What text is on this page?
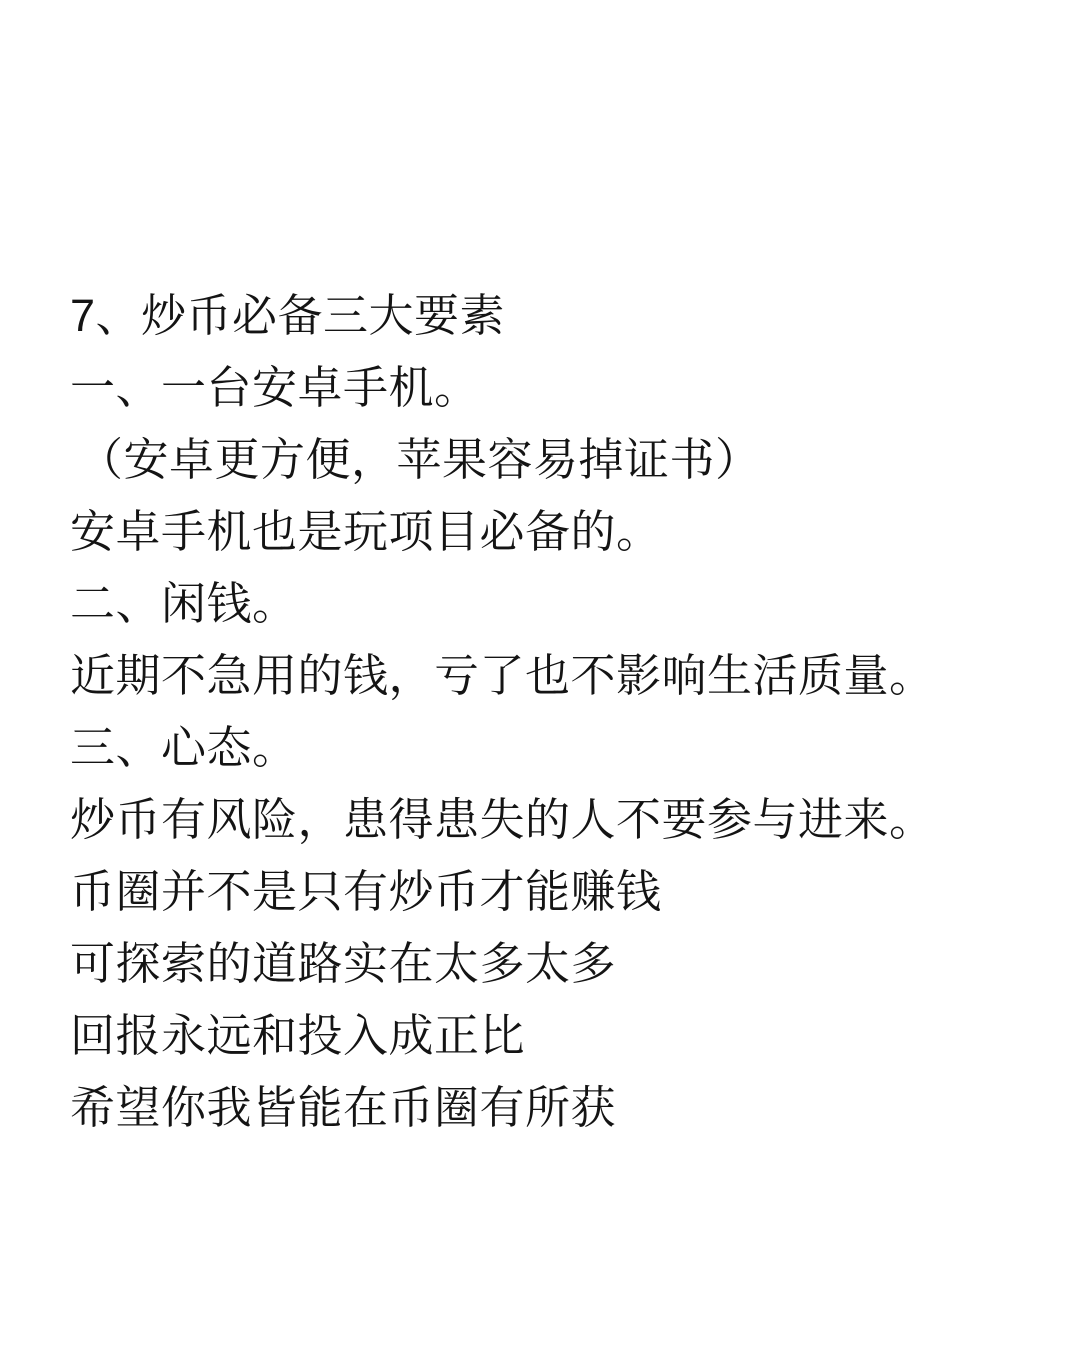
7、炒币必备三大要素
一、一台安卓手机。
（安卓更方便，苹果容易掉证书）
安卓手机也是玩项目必备的。
二、闲钱。
近期不急用的钱，亏了也不影响生活质量。
三、心态。
炒币有风险，患得患失的人不要参与进来。
币圈并不是只有炒币才能赚钱
可探索的道路实在太多太多
回报永远和投入成正比
希望你我皆能在币圈有所获
